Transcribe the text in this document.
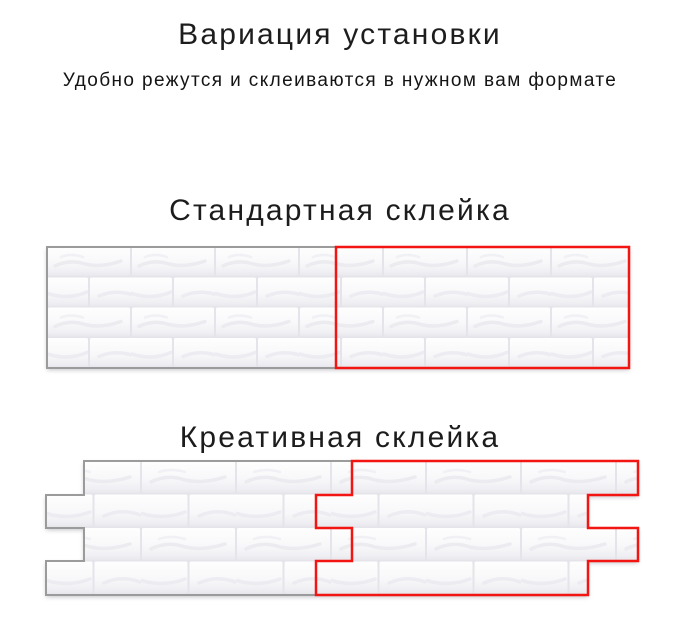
Вариация установки

Удобно режутся и склеиваются в нужном вам формате

Стандартная склейка
Креативная склейка
